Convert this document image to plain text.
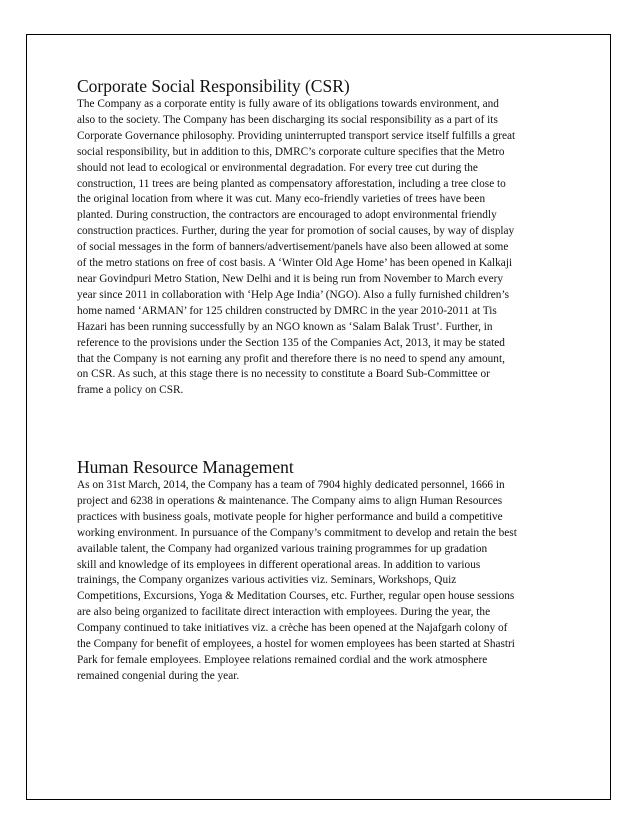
Corporate Social Responsibility (CSR)

The Company as a corporate entity is fully aware of its obligations towards environment, and
also to the society. The Company has been discharging its social responsibility as a part of its
Corporate Governance philosophy. Providing uninterrupted transport service itself fulfills a great
social responsibility, but in addition to this, DMRC’s corporate culture specifies that the Metro
should not lead to ecological or environmental degradation. For every tree cut during the
construction, 11 trees are being planted as compensatory afforestation, including a tree close to
the original location from where it was cut. Many eco-friendly varieties of trees have been
planted. During construction, the contractors are encouraged to adopt environmental friendly
construction practices. Further, during the year for promotion of social causes, by way of display
of social messages in the form of banners/advertisement/panels have also been allowed at some
of the metro stations on free of cost basis. A ‘Winter Old Age Home’ has been opened in Kalkaji
near Govindpuri Metro Station, New Delhi and it is being run from November to March every
year since 2011 in collaboration with ‘Help Age India’ (NGO). Also a fully furnished children’s
home named ‘ARMAN’ for 125 children constructed by DMRC in the year 2010-2011 at Tis
Hazari has been running successfully by an NGO known as ‘Salam Balak Trust’. Further, in
reference to the provisions under the Section 135 of the Companies Act, 2013, it may be stated
that the Company is not earning any profit and therefore there is no need to spend any amount,
on CSR. As such, at this stage there is no necessity to constitute a Board Sub-Committee or
frame a policy on CSR.

Human Resource Management

As on 31st March, 2014, the Company has a team of 7904 highly dedicated personnel, 1666 in
project and 6238 in operations & maintenance. The Company aims to align Human Resources
practices with business goals, motivate people for higher performance and build a competitive
working environment. In pursuance of the Company’s commitment to develop and retain the best
available talent, the Company had organized various training programmes for up gradation
skill and knowledge of its employees in different operational areas. In addition to various
trainings, the Company organizes various activities viz. Seminars, Workshops, Quiz
Competitions, Excursions, Yoga & Meditation Courses, etc. Further, regular open house sessions
are also being organized to facilitate direct interaction with employees. During the year, the
Company continued to take initiatives viz. a crèche has been opened at the Najafgarh colony of
the Company for benefit of employees, a hostel for women employees has been started at Shastri
Park for female employees. Employee relations remained cordial and the work atmosphere
remained congenial during the year.
